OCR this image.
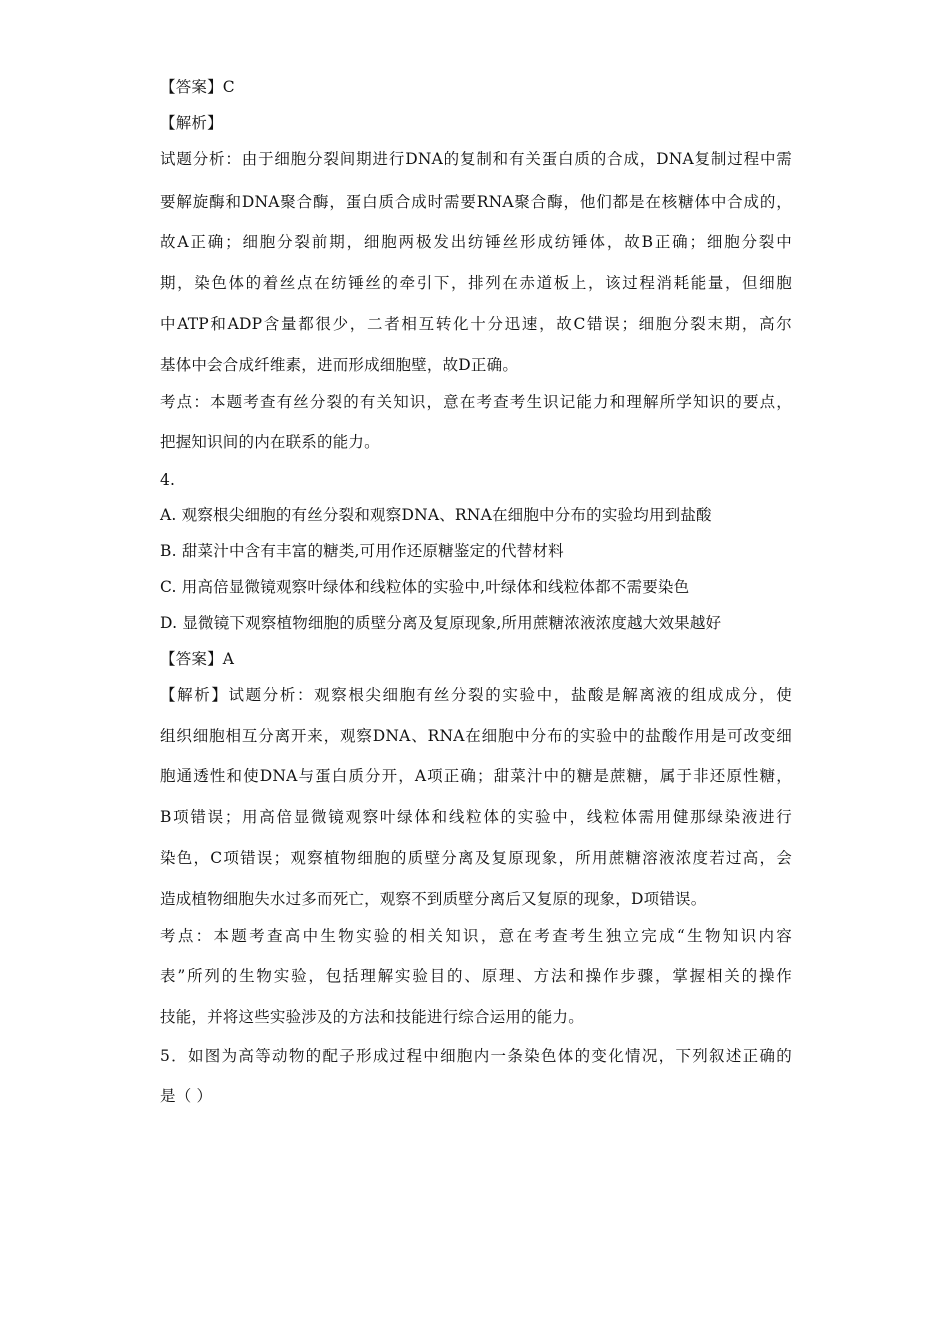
【答案】C
【解析】
试题分析：由于细胞分裂间期进行DNA的复制和有关蛋白质的合成，DNA复制过程中需
要解旋酶和DNA聚合酶，蛋白质合成时需要RNA聚合酶，他们都是在核糖体中合成的，
故A正确；细胞分裂前期，细胞两极发出纺锤丝形成纺锤体，故B正确；细胞分裂中
期，染色体的着丝点在纺锤丝的牵引下，排列在赤道板上，该过程消耗能量，但细胞
中ATP和ADP含量都很少，二者相互转化十分迅速，故C错误；细胞分裂末期，高尔
基体中会合成纤维素，进而形成细胞壁，故D正确。
考点：本题考查有丝分裂的有关知识，意在考查考生识记能力和理解所学知识的要点，
把握知识间的内在联系的能力。
4.
A. 观察根尖细胞的有丝分裂和观察DNA、RNA在细胞中分布的实验均用到盐酸
B. 甜菜汁中含有丰富的糖类,可用作还原糖鉴定的代替材料
C. 用高倍显微镜观察叶绿体和线粒体的实验中,叶绿体和线粒体都不需要染色
D. 显微镜下观察植物细胞的质壁分离及复原现象,所用蔗糖浓液浓度越大效果越好
【答案】A
【解析】试题分析：观察根尖细胞有丝分裂的实验中，盐酸是解离液的组成成分，使
组织细胞相互分离开来，观察DNA、RNA在细胞中分布的实验中的盐酸作用是可改变细
胞通透性和使DNA与蛋白质分开，A项正确；甜菜汁中的糖是蔗糖，属于非还原性糖，
B项错误；用高倍显微镜观察叶绿体和线粒体的实验中，线粒体需用健那绿染液进行
染色，C项错误；观察植物细胞的质壁分离及复原现象，所用蔗糖溶液浓度若过高，会
造成植物细胞失水过多而死亡，观察不到质壁分离后又复原的现象，D项错误。
考点：本题考查高中生物实验的相关知识，意在考查考生独立完成“生物知识内容
表”所列的生物实验，包括理解实验目的、原理、方法和操作步骤，掌握相关的操作
技能，并将这些实验涉及的方法和技能进行综合运用的能力。
5．如图为高等动物的配子形成过程中细胞内一条染色体的变化情况，下列叙述正确的
是（ ）
